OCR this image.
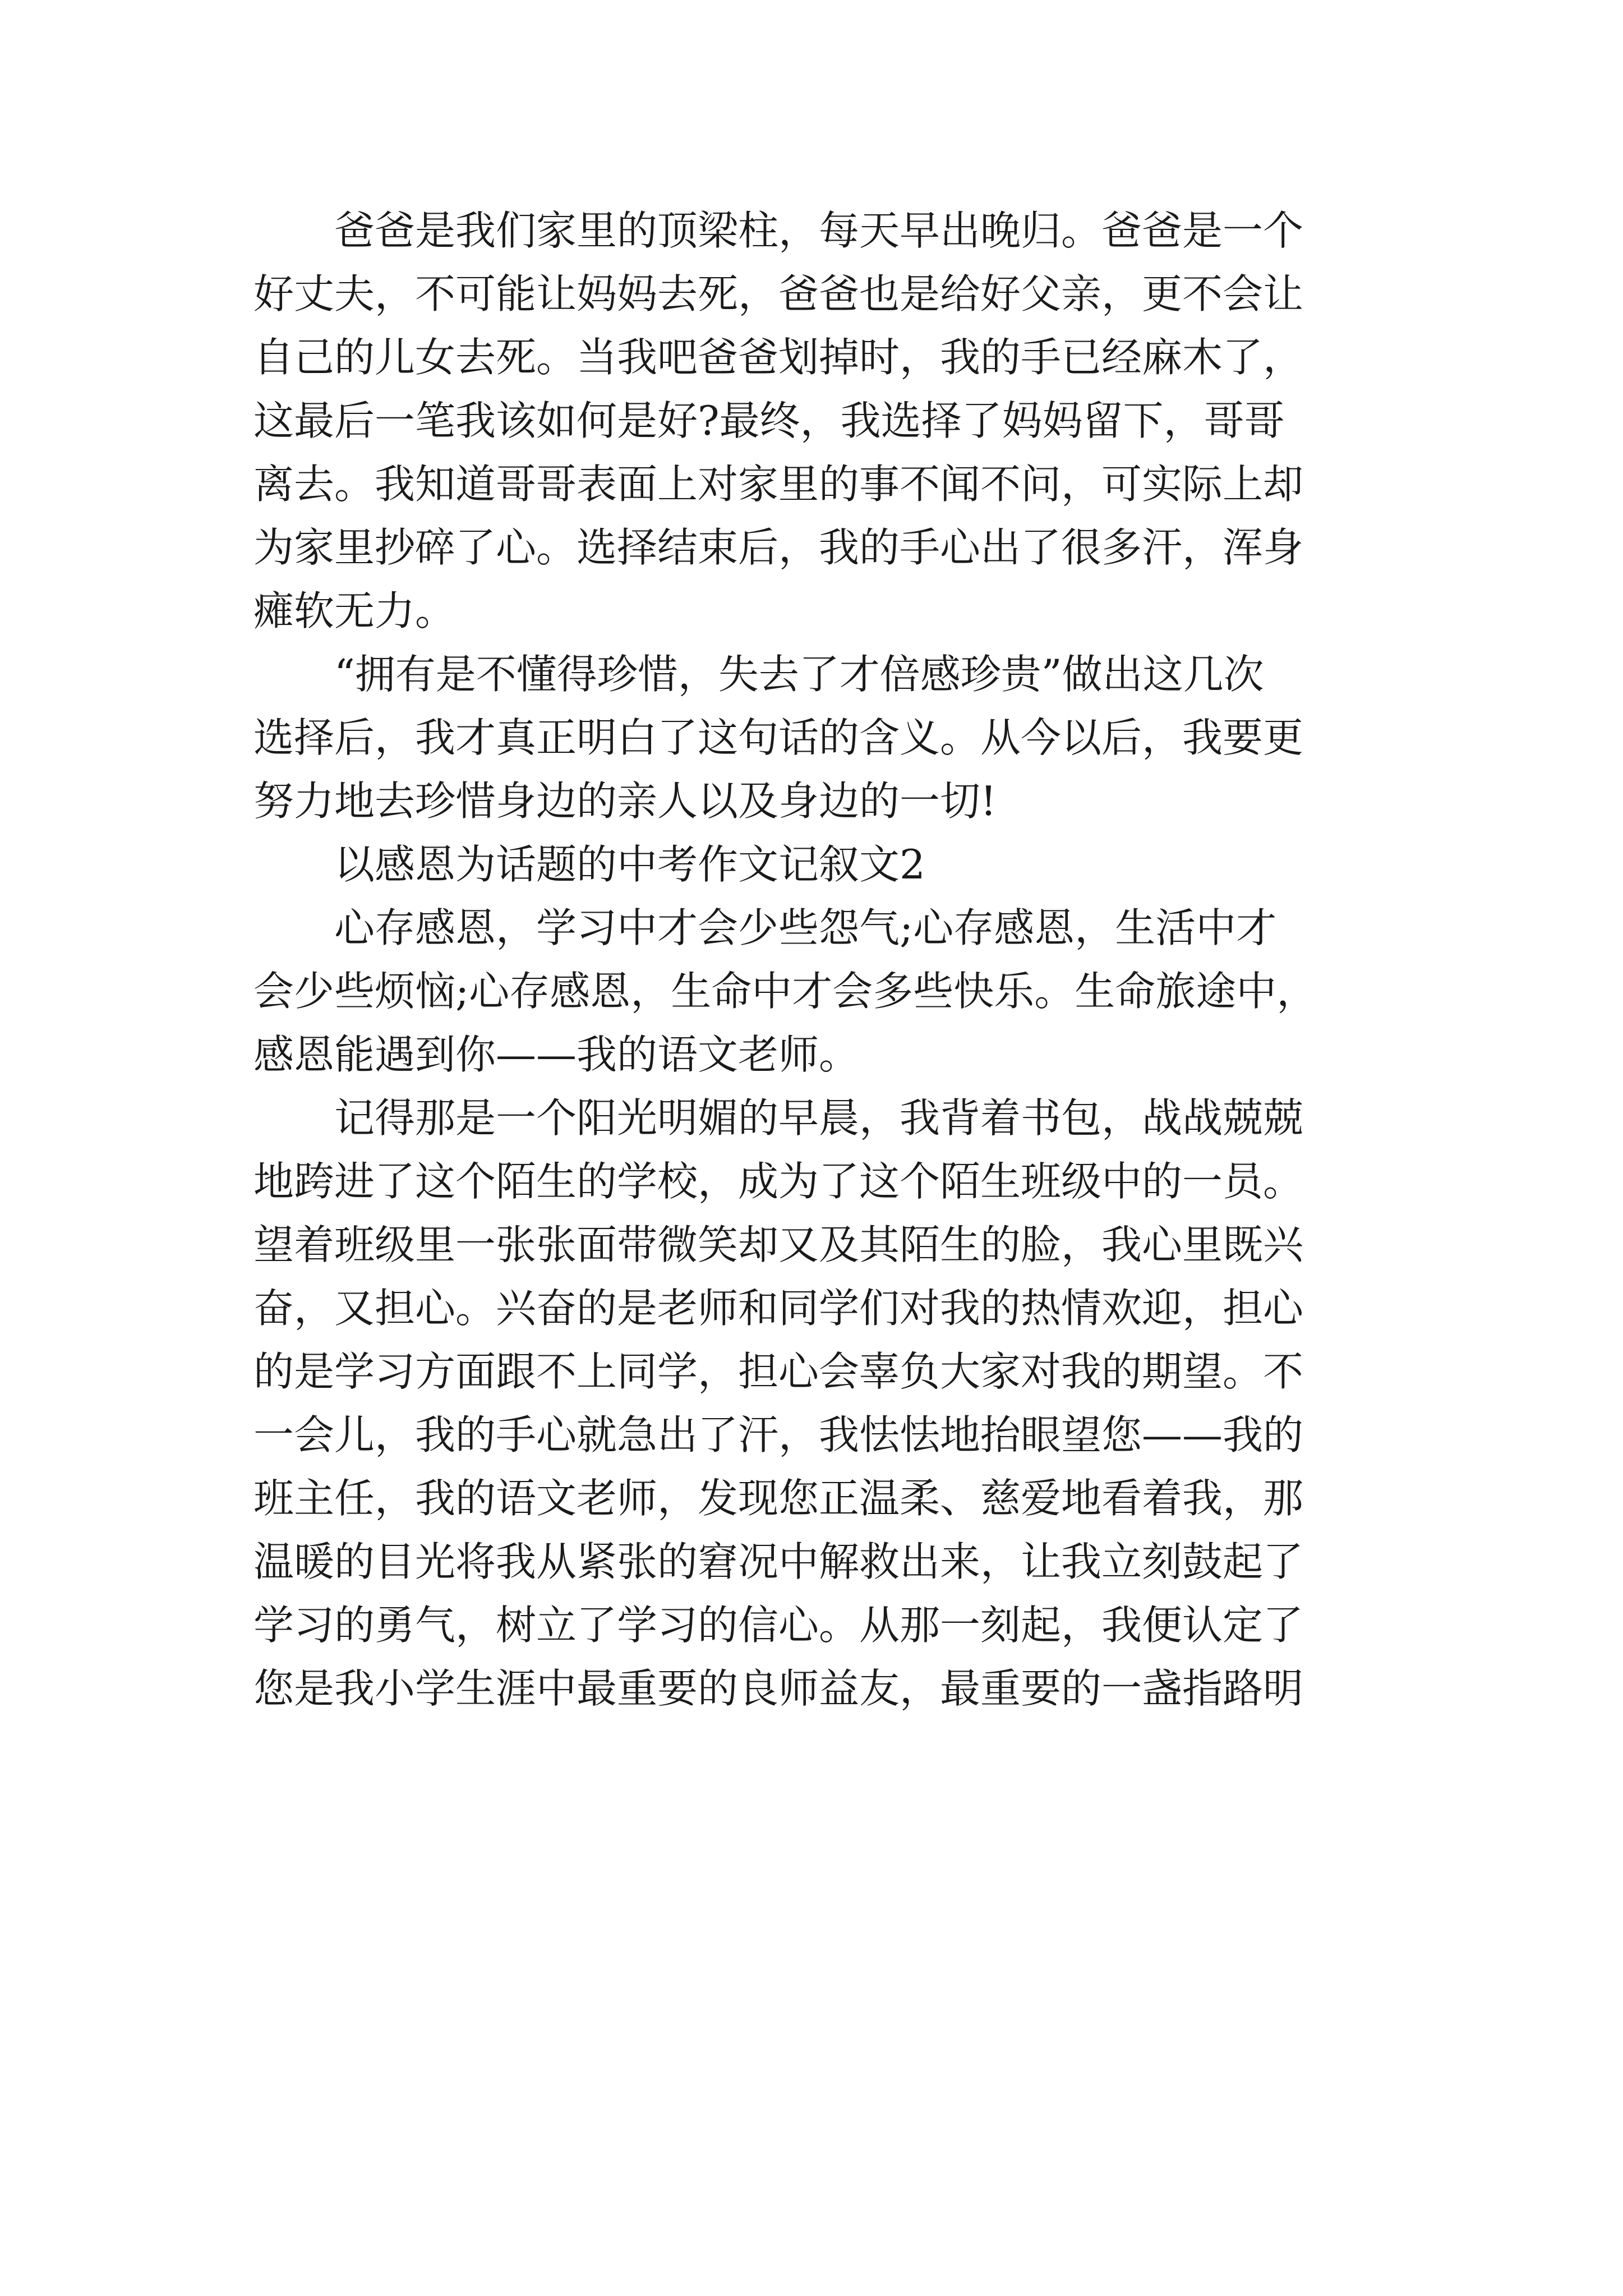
爸爸是我们家里的顶梁柱，每天早出晚归。爸爸是一个
好丈夫，不可能让妈妈去死，爸爸也是给好父亲，更不会让
自己的儿女去死。当我吧爸爸划掉时，我的手已经麻木了，
这最后一笔我该如何是好?最终，我选择了妈妈留下，哥哥
离去。我知道哥哥表面上对家里的事不闻不问，可实际上却
为家里抄碎了心。选择结束后，我的手心出了很多汗，浑身
瘫软无力。
“拥有是不懂得珍惜，失去了才倍感珍贵”做出这几次
选择后，我才真正明白了这句话的含义。从今以后，我要更
努力地去珍惜身边的亲人以及身边的一切!
以感恩为话题的中考作文记叙文2
心存感恩，学习中才会少些怨气;心存感恩，生活中才
会少些烦恼;心存感恩，生命中才会多些快乐。生命旅途中，
感恩能遇到你——我的语文老师。
记得那是一个阳光明媚的早晨，我背着书包，战战兢兢
地跨进了这个陌生的学校，成为了这个陌生班级中的一员。
望着班级里一张张面带微笑却又及其陌生的脸，我心里既兴
奋，又担心。兴奋的是老师和同学们对我的热情欢迎，担心
的是学习方面跟不上同学，担心会辜负大家对我的期望。不
一会儿，我的手心就急出了汗，我怯怯地抬眼望您——我的
班主任，我的语文老师，发现您正温柔、慈爱地看着我，那
温暖的目光将我从紧张的窘况中解救出来，让我立刻鼓起了
学习的勇气，树立了学习的信心。从那一刻起，我便认定了
您是我小学生涯中最重要的良师益友，最重要的一盏指路明
